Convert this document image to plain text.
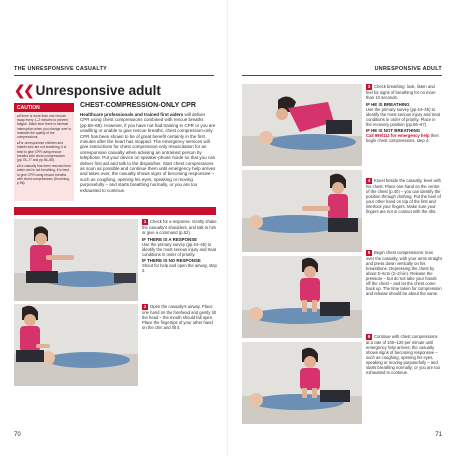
THE UNRESPONSIVE CASUALTY
❮❮ Unresponsive adult
CAUTION
■ If there is more than one rescuer swap every 1–2 minutes to prevent fatigue. Make sure there is minimal interruption when you change over to maintain the quality of the compressions.
■ For unresponsive children and infants who are not breathing, it is best to give CPR using rescue breaths with chest compressions (pp.78–77 and pp.86–88).
■ If a casualty has been rescued from water and is not breathing, it is best to give CPR using rescue breaths with chest compressions (Drowning, p.96).
CHEST-COMPRESSION-ONLY CPR

Healthcare professionals and trained first aiders will deliver CPR using chest compressions combined with rescue breaths (pp.68–69). However, if you have not had training in CPR or you are unwilling or unable to give rescue breaths, chest compression-only CPR has been shown to be of great benefit certainly in the first minutes after the heart has stopped. The emergency services will give instructions for chest compression-only resuscitation for an unresponsive casualty when advising an untrained person by telephone. Put your device on speaker-phone mode so that you can deliver first aid and talk to the dispatcher. Start chest compressions as soon as possible and continue them until emergency help arrives and takes over, the casualty shows signs of becoming responsive – such as coughing, opening his eyes, speaking or moving purposefully – and starts breathing normally, or you are too exhausted to continue.

1 Check for a response. Gently shake the casualty's shoulders, and talk to him or give a command (p.52).
IF THERE IS A RESPONSE
Use the primary survey (pp.44–45) to identify the most serious injury and treat conditions in order of priority.
IF THERE IS NO RESPONSE
Shout for help and open the airway, step 2.
2 Open the casualty's airway. Place one hand on the forehead and gently tilt the head – the mouth should fall open. Place the fingertips of your other hand on the chin and lift it.
70
UNRESPONSIVE ADULT
3 Check breathing: look, listen and feel for signs of breathing for no more than 10 seconds.
IF HE IS BREATHING
Use the primary survey (pp.44–45) to identify the most serious injury and treat conditions in order of priority. Place in the recovery position (pp.66–67).
IF HE IS NOT BREATHING
Call 999/112 for emergency help then begin chest compressions, step 4.
4 Kneel beside the casualty, level with his chest. Place one hand on the centre of the chest (p.40) – you can identify the position through clothing. Put the heel of your other hand on top of the first and interlock your fingers. Make sure your fingers are not in contact with the ribs.
5 Begin chest compressions: lean over the casualty, with your arms straight and press down vertically on his breastbone. Depressing the chest by about 5–6cm (2–2½in). Release the pressure – but do not take your hands off the chest – and let the chest come back up. The time taken for compression and release should be about the same.
6 Continue with chest compressions at a rate of 100–120 per minute until emergency help arrives; the casualty shows signs of becoming responsive – such as coughing, opening his eyes, speaking or moving purposefully – and starts breathing normally; or you are too exhausted to continue.
71
